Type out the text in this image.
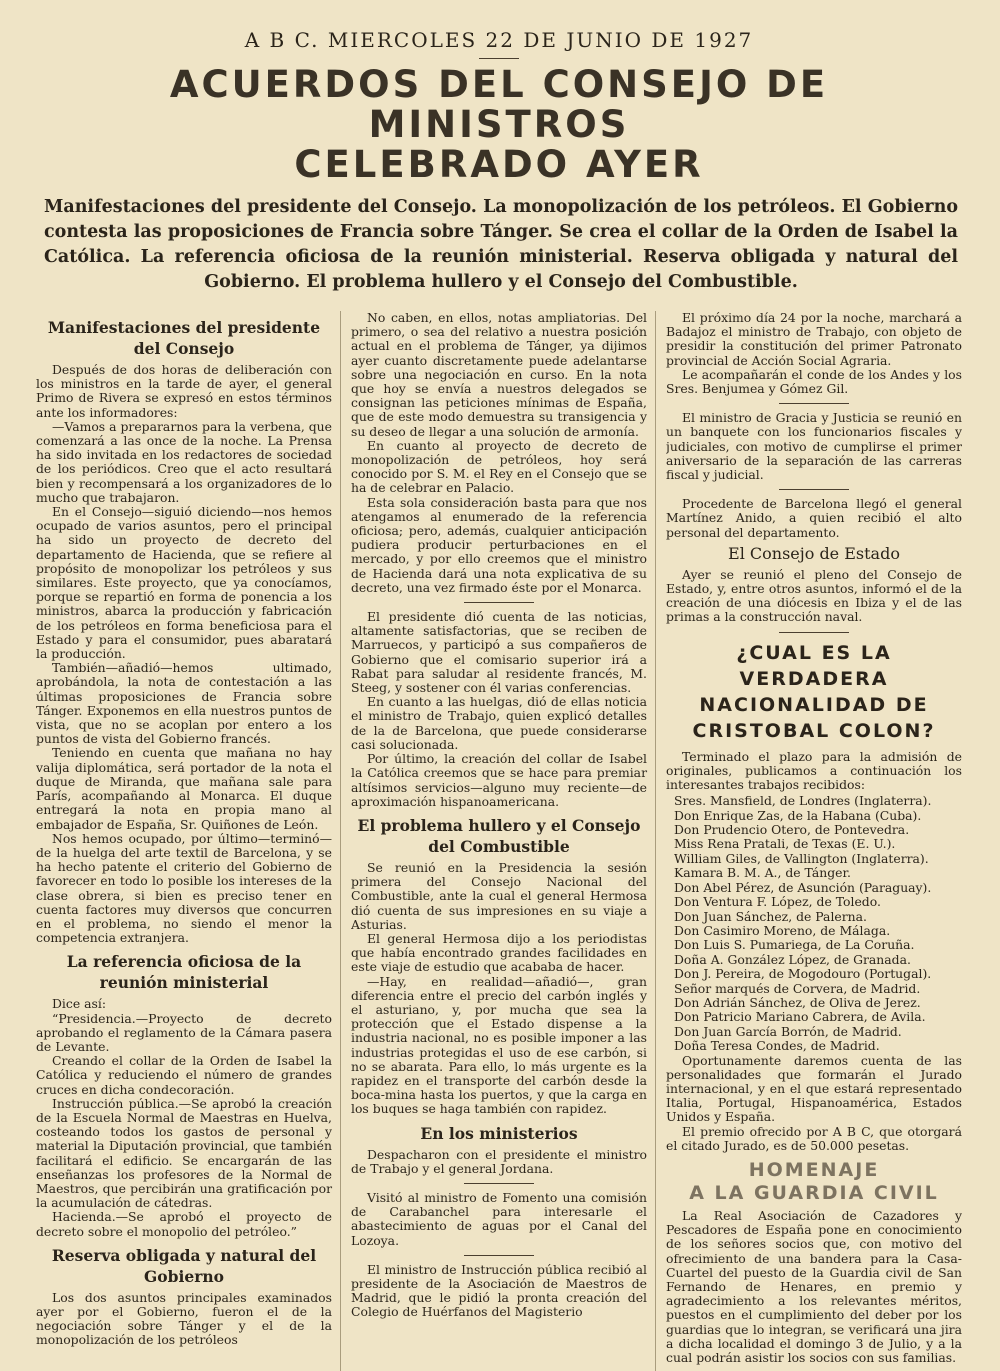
A B C. MIERCOLES 22 DE JUNIO DE 1927
ACUERDOS DEL CONSEJO DE MINISTROS
CELEBRADO AYER
Manifestaciones del presidente del Consejo. La monopolización de los petróleos. El Gobierno contesta las proposiciones de Francia sobre Tánger. Se crea el collar de la Orden de Isabel la Católica. La referencia oficiosa de la reunión ministerial. Reserva obligada y natural del Gobierno. El problema hullero y el Consejo del Combustible.
Manifestaciones del presidente del Consejo

Después de dos horas de deliberación con los ministros en la tarde de ayer, el general Primo de Rivera se expresó en estos términos ante los informadores:

—Vamos a prepararnos para la verbena, que comenzará a las once de la noche. La Prensa ha sido invitada en los redactores de sociedad de los periódicos. Creo que el acto resultará bien y recompensará a los organizadores de lo mucho que trabajaron.

En el Consejo—siguió diciendo—nos hemos ocupado de varios asuntos, pero el principal ha sido un proyecto de decreto del departamento de Hacienda, que se refiere al propósito de monopolizar los petróleos y sus similares. Este proyecto, que ya conocíamos, porque se repartió en forma de ponencia a los ministros, abarca la producción y fabricación de los petróleos en forma beneficiosa para el Estado y para el consumidor, pues abaratará la producción.

También—añadió—hemos ultimado, aprobándola, la nota de contestación a las últimas proposiciones de Francia sobre Tánger. Exponemos en ella nuestros puntos de vista, que no se acoplan por entero a los puntos de vista del Gobierno francés.

Teniendo en cuenta que mañana no hay valija diplomática, será portador de la nota el duque de Miranda, que mañana sale para París, acompañando al Monarca. El duque entregará la nota en propia mano al embajador de España, Sr. Quiñones de León.

Nos hemos ocupado, por último—terminó—de la huelga del arte textil de Barcelona, y se ha hecho patente el criterio del Gobierno de favorecer en todo lo posible los intereses de la clase obrera, si bien es preciso tener en cuenta factores muy diversos que concurren en el problema, no siendo el menor la competencia extranjera.

La referencia oficiosa de la reunión ministerial

Dice así:

“Presidencia.—Proyecto de decreto aprobando el reglamento de la Cámara pasera de Levante.

Creando el collar de la Orden de Isabel la Católica y reduciendo el número de grandes cruces en dicha condecoración.

Instrucción pública.—Se aprobó la creación de la Escuela Normal de Maestras en Huelva, costeando todos los gastos de personal y material la Diputación provincial, que también facilitará el edificio. Se encargarán de las enseñanzas los profesores de la Normal de Maestros, que percibirán una gratificación por la acumulación de cátedras.

Hacienda.—Se aprobó el proyecto de decreto sobre el monopolio del petróleo.”

Reserva obligada y natural del Gobierno

Los dos asuntos principales examinados ayer por el Gobierno, fueron el de la negociación sobre Tánger y el de la monopolización de los petróleos

No caben, en ellos, notas ampliatorias. Del primero, o sea del relativo a nuestra posición actual en el problema de Tánger, ya dijimos ayer cuanto discretamente puede adelantarse sobre una negociación en curso. En la nota que hoy se envía a nuestros delegados se consignan las peticiones mínimas de España, que de este modo demuestra su transigencia y su deseo de llegar a una solución de armonía.

En cuanto al proyecto de decreto de monopolización de petróleos, hoy será conocido por S. M. el Rey en el Consejo que se ha de celebrar en Palacio.

Esta sola consideración basta para que nos atengamos al enumerado de la referencia oficiosa; pero, además, cualquier anticipación pudiera producir perturbaciones en el mercado, y por ello creemos que el ministro de Hacienda dará una nota explicativa de su decreto, una vez firmado éste por el Monarca.

El presidente dió cuenta de las noticias, altamente satisfactorias, que se reciben de Marruecos, y participó a sus compañeros de Gobierno que el comisario superior irá a Rabat para saludar al residente francés, M. Steeg, y sostener con él varias conferencias.

En cuanto a las huelgas, dió de ellas noticia el ministro de Trabajo, quien explicó detalles de la de Barcelona, que puede considerarse casi solucionada.

Por último, la creación del collar de Isabel la Católica creemos que se hace para premiar altísimos servicios—alguno muy reciente—de aproximación hispanoamericana.

El problema hullero y el Consejo del Combustible

Se reunió en la Presidencia la sesión primera del Consejo Nacional del Combustible, ante la cual el general Hermosa dió cuenta de sus impresiones en su viaje a Asturias.

El general Hermosa dijo a los periodistas que había encontrado grandes facilidades en este viaje de estudio que acababa de hacer.

—Hay, en realidad—añadió—, gran diferencia entre el precio del carbón inglés y el asturiano, y, por mucha que sea la protección que el Estado dispense a la industria nacional, no es posible imponer a las industrias protegidas el uso de ese carbón, si no se abarata. Para ello, lo más urgente es la rapidez en el transporte del carbón desde la boca-mina hasta los puertos, y que la carga en los buques se haga también con rapidez.

En los ministerios

Despacharon con el presidente el ministro de Trabajo y el general Jordana.

Visitó al ministro de Fomento una comisión de Carabanchel para interesarle el abastecimiento de aguas por el Canal del Lozoya.

El ministro de Instrucción pública recibió al presidente de la Asociación de Maestros de Madrid, que le pidió la pronta creación del Colegio de Huérfanos del Magisterio

El próximo día 24 por la noche, marchará a Badajoz el ministro de Trabajo, con objeto de presidir la constitución del primer Patronato provincial de Acción Social Agraria.

Le acompañarán el conde de los Andes y los Sres. Benjumea y Gómez Gil.

El ministro de Gracia y Justicia se reunió en un banquete con los funcionarios fiscales y judiciales, con motivo de cumplirse el primer aniversario de la separación de las carreras fiscal y judicial.

Procedente de Barcelona llegó el general Martínez Anido, a quien recibió el alto personal del departamento.

El Consejo de Estado

Ayer se reunió el pleno del Consejo de Estado, y, entre otros asuntos, informó el de la creación de una diócesis en Ibiza y el de las primas a la construcción naval.

¿CUAL ES LA VERDADERA NACIONALIDAD DE CRISTOBAL COLON?

Terminado el plazo para la admisión de originales, publicamos a continuación los interesantes trabajos recibidos:

Sres. Mansfield, de Londres (Inglaterra).
Don Enrique Zas, de la Habana (Cuba).
Don Prudencio Otero, de Pontevedra.
Miss Rena Pratali, de Texas (E. U.).
William Giles, de Vallington (Inglaterra).
Kamara B. M. A., de Tánger.
Don Abel Pérez, de Asunción (Paraguay).
Don Ventura F. López, de Toledo.
Don Juan Sánchez, de Palerna.
Don Casimiro Moreno, de Málaga.
Don Luis S. Pumariega, de La Coruña.
Doña A. González López, de Granada.
Don J. Pereira, de Mogodouro (Portugal).
Señor marqués de Corvera, de Madrid.
Don Adrián Sánchez, de Oliva de Jerez.
Don Patricio Mariano Cabrera, de Avila.
Don Juan García Borrón, de Madrid.
Doña Teresa Condes, de Madrid.

Oportunamente daremos cuenta de las personalidades que formarán el Jurado internacional, y en el que estará representado Italia, Portugal, Hispanoamérica, Estados Unidos y España.

El premio ofrecido por A B C, que otorgará el citado Jurado, es de 50.000 pesetas.

HOMENAJE
A LA GUARDIA CIVIL

La Real Asociación de Cazadores y Pescadores de España pone en conocimiento de los señores socios que, con motivo del ofrecimiento de una bandera para la Casa-Cuartel del puesto de la Guardia civil de San Fernando de Henares, en premio y agradecimiento a los relevantes méritos, puestos en el cumplimiento del deber por los guardias que lo integran, se verificará una jira a dicha localidad el domingo 3 de Julio, y a la cual podrán asistir los socios con sus familias.
